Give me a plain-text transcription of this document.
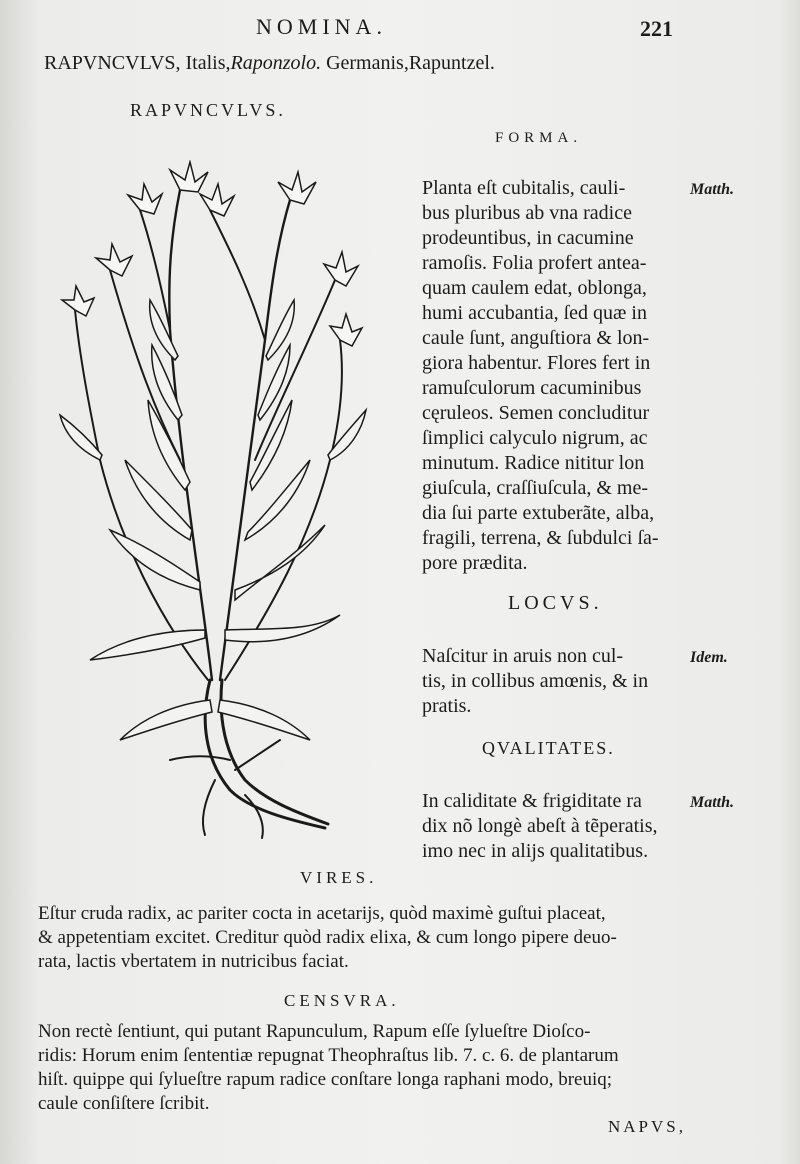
NOMINA.	221
RAPVNCVLVS, Italis,Raponzolo. Germanis,Rapuntzel.
RAPVNCVLVS.
FORMA.
Matth.
Planta eſt cubitalis, cauli-
bus pluribus ab vna radice
prodeuntibus, in cacumine
ramoſis. Folia profert antea-
quam caulem edat, oblonga,
humi accubantia, ſed quæ in
caule ſunt, anguſtiora & lon-
giora habentur. Flores fert in
ramuſculorum cacuminibus
cęruleos. Semen concluditur
ſimplici calyculo nigrum, ac
minutum. Radice nititur lon
giuſcula, craſſiuſcula, & me-
dia ſui parte extuberãte, alba,
fragili, terrena, & ſubdulci ſa-
pore prædita.
LOCVS.
Idem.
Naſcitur in aruis non cul-
tis, in collibus amœnis, & in
pratis.
QVALITATES.
Matth.
In caliditate & frigiditate ra
dix nõ longè abeſt à tẽperatis,
imo nec in alijs qualitatibus.
VIRES.
Eſtur cruda radix, ac pariter cocta in acetarijs, quòd maximè guſtui placeat,
& appetentiam excitet. Creditur quòd radix elixa, & cum longo pipere deuo-
rata, lactis vbertatem in nutricibus faciat.
CENSVRA.
Non rectè ſentiunt, qui putant Rapunculum, Rapum eſſe ſylueſtre Dioſco-
ridis: Horum enim ſententiæ repugnat Theophraſtus lib. 7. c. 6. de plantarum
hiſt. quippe qui ſylueſtre rapum radice conſtare longa raphani modo, breuiq;
caule conſiſtere ſcribit.
NAPVS,
